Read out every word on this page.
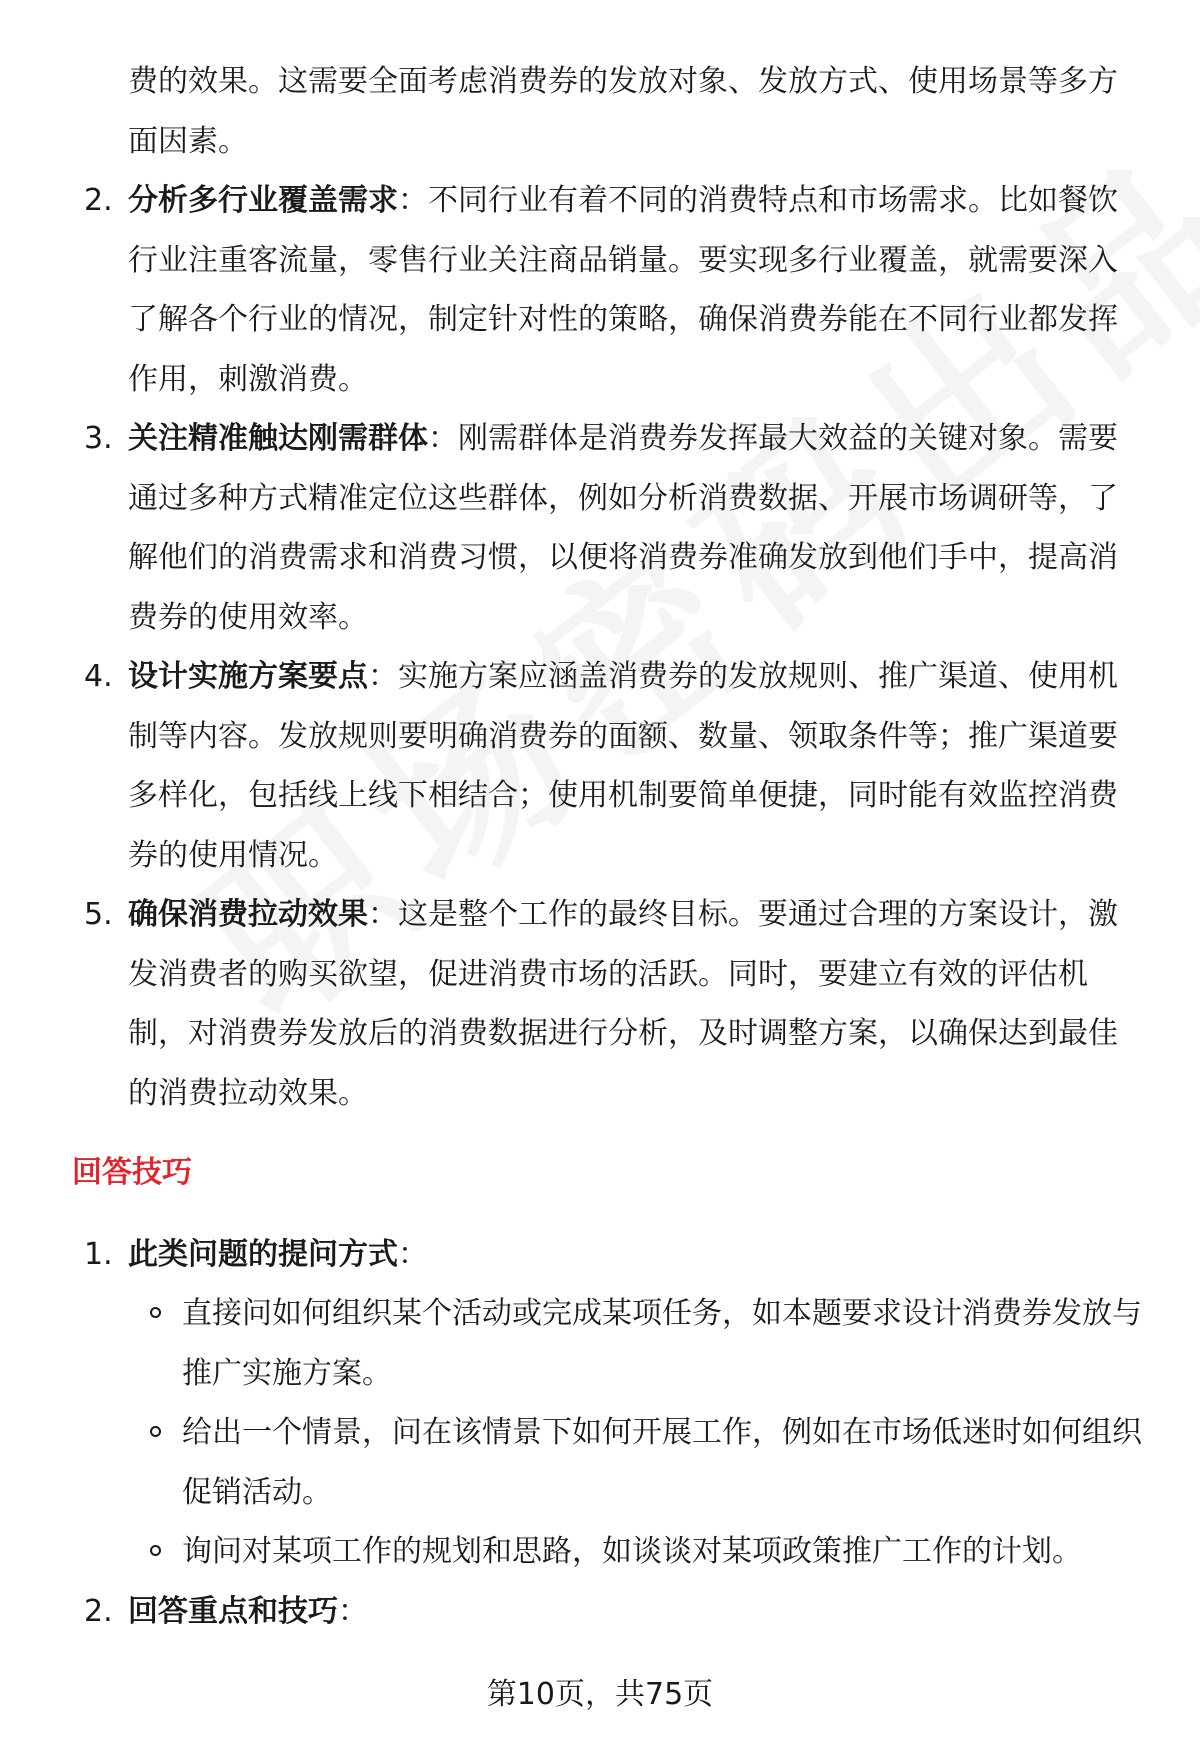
费的效果。这需要全面考虑消费券的发放对象、发放方式、使用场景等多方面因素。
2. 分析多行业覆盖需求：不同行业有着不同的消费特点和市场需求。比如餐饮行业注重客流量，零售行业关注商品销量。要实现多行业覆盖，就需要深入了解各个行业的情况，制定针对性的策略，确保消费券能在不同行业都发挥作用，刺激消费。
3. 关注精准触达刚需群体：刚需群体是消费券发挥最大效益的关键对象。需要通过多种方式精准定位这些群体，例如分析消费数据、开展市场调研等，了解他们的消费需求和消费习惯，以便将消费券准确发放到他们手中，提高消费券的使用效率。
4. 设计实施方案要点：实施方案应涵盖消费券的发放规则、推广渠道、使用机制等内容。发放规则要明确消费券的面额、数量、领取条件等；推广渠道要多样化，包括线上线下相结合；使用机制要简单便捷，同时能有效监控消费券的使用情况。
5. 确保消费拉动效果：这是整个工作的最终目标。要通过合理的方案设计，激发消费者的购买欲望，促进消费市场的活跃。同时，要建立有效的评估机制，对消费券发放后的消费数据进行分析，及时调整方案，以确保达到最佳的消费拉动效果。
回答技巧
1. 此类问题的提问方式：
直接问如何组织某个活动或完成某项任务，如本题要求设计消费券发放与推广实施方案。
给出一个情景，问在该情景下如何开展工作，例如在市场低迷时如何组织促销活动。
询问对某项工作的规划和思路，如谈谈对某项政策推广工作的计划。
2. 回答重点和技巧：
第10页，共75页
